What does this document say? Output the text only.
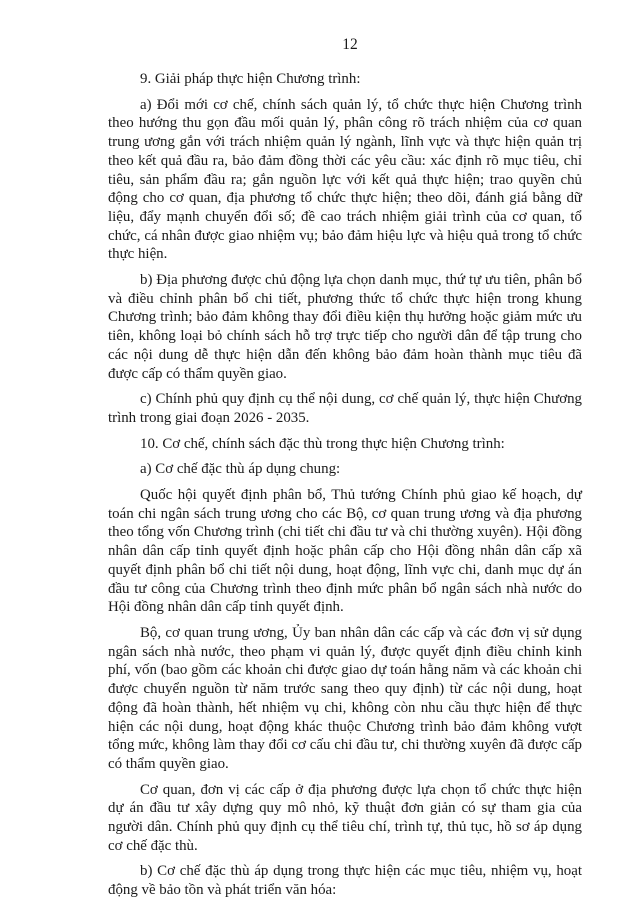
12

9. Giải pháp thực hiện Chương trình:

a) Đổi mới cơ chế, chính sách quản lý, tổ chức thực hiện Chương trình theo hướng thu gọn đầu mối quản lý, phân công rõ trách nhiệm của cơ quan trung ương gắn với trách nhiệm quản lý ngành, lĩnh vực và thực hiện quản trị theo kết quả đầu ra, bảo đảm đồng thời các yêu cầu: xác định rõ mục tiêu, chỉ tiêu, sản phẩm đầu ra; gắn nguồn lực với kết quả thực hiện; trao quyền chủ động cho cơ quan, địa phương tổ chức thực hiện; theo dõi, đánh giá bằng dữ liệu, đẩy mạnh chuyển đổi số; đề cao trách nhiệm giải trình của cơ quan, tổ chức, cá nhân được giao nhiệm vụ; bảo đảm hiệu lực và hiệu quả trong tổ chức thực hiện.

b) Địa phương được chủ động lựa chọn danh mục, thứ tự ưu tiên, phân bổ và điều chỉnh phân bổ chi tiết, phương thức tổ chức thực hiện trong khung Chương trình; bảo đảm không thay đổi điều kiện thụ hưởng hoặc giảm mức ưu tiên, không loại bỏ chính sách hỗ trợ trực tiếp cho người dân để tập trung cho các nội dung dễ thực hiện dẫn đến không bảo đảm hoàn thành mục tiêu đã được cấp có thẩm quyền giao.

c) Chính phủ quy định cụ thể nội dung, cơ chế quản lý, thực hiện Chương trình trong giai đoạn 2026 - 2035.

10. Cơ chế, chính sách đặc thù trong thực hiện Chương trình:

a) Cơ chế đặc thù áp dụng chung:

Quốc hội quyết định phân bổ, Thủ tướng Chính phủ giao kế hoạch, dự toán chi ngân sách trung ương cho các Bộ, cơ quan trung ương và địa phương theo tổng vốn Chương trình (chi tiết chi đầu tư và chi thường xuyên). Hội đồng nhân dân cấp tỉnh quyết định hoặc phân cấp cho Hội đồng nhân dân cấp xã quyết định phân bổ chi tiết nội dung, hoạt động, lĩnh vực chi, danh mục dự án đầu tư công của Chương trình theo định mức phân bổ ngân sách nhà nước do Hội đồng nhân dân cấp tỉnh quyết định.

Bộ, cơ quan trung ương, Ủy ban nhân dân các cấp và các đơn vị sử dụng ngân sách nhà nước, theo phạm vi quản lý, được quyết định điều chỉnh kinh phí, vốn (bao gồm các khoản chi được giao dự toán hằng năm và các khoản chi được chuyển nguồn từ năm trước sang theo quy định) từ các nội dung, hoạt động đã hoàn thành, hết nhiệm vụ chi, không còn nhu cầu thực hiện để thực hiện các nội dung, hoạt động khác thuộc Chương trình bảo đảm không vượt tổng mức, không làm thay đổi cơ cấu chi đầu tư, chi thường xuyên đã được cấp có thẩm quyền giao.

Cơ quan, đơn vị các cấp ở địa phương được lựa chọn tổ chức thực hiện dự án đầu tư xây dựng quy mô nhỏ, kỹ thuật đơn giản có sự tham gia của người dân. Chính phủ quy định cụ thể tiêu chí, trình tự, thủ tục, hồ sơ áp dụng cơ chế đặc thù.

b) Cơ chế đặc thù áp dụng trong thực hiện các mục tiêu, nhiệm vụ, hoạt động về bảo tồn và phát triển văn hóa:
